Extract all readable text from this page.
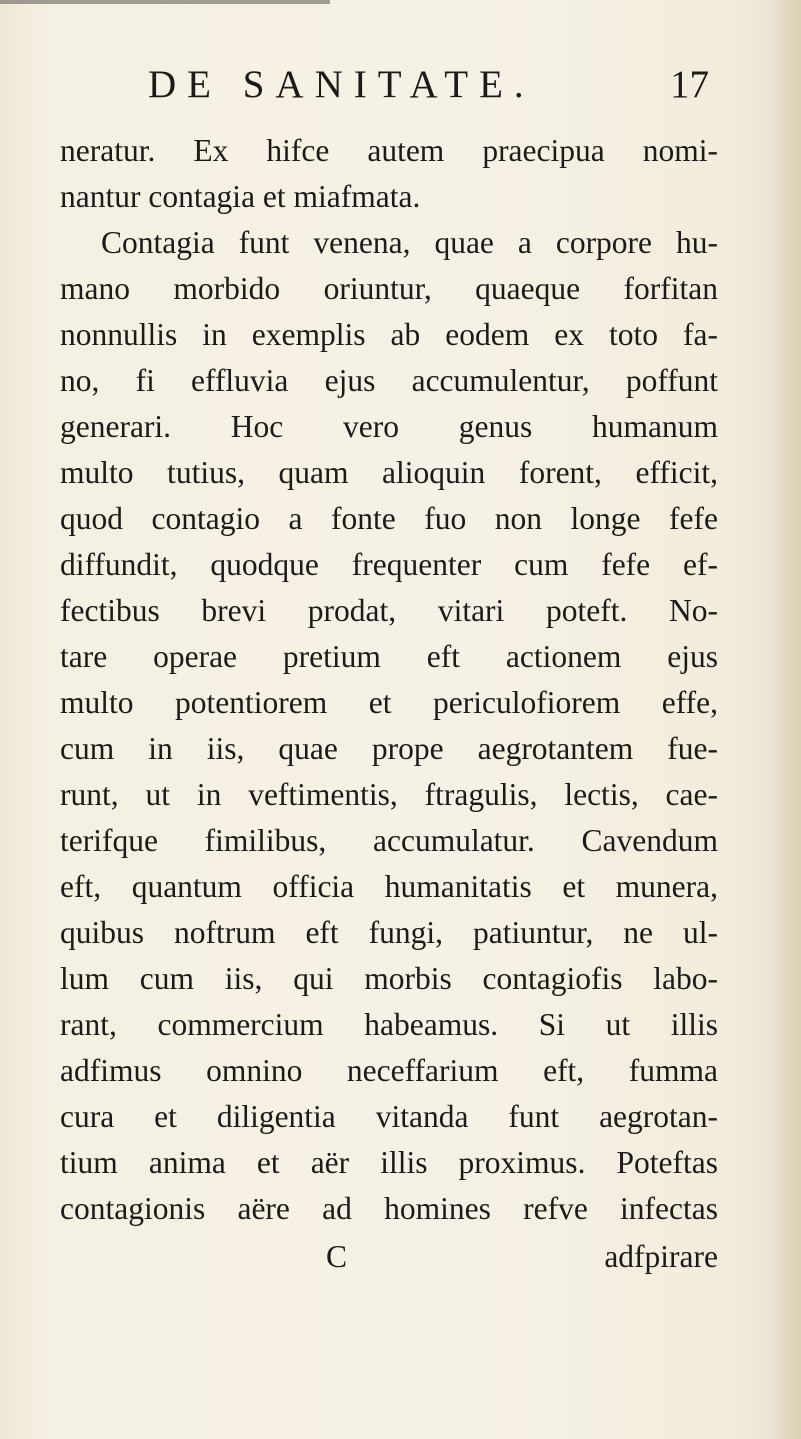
DE SANITATE.	17
neratur. Ex hifce autem praecipua nomi-
nantur contagia et miafmata.
Contagia funt venena, quae a corpore hu-
mano morbido oriuntur, quaeque forfitan
nonnullis in exemplis ab eodem ex toto fa-
no, fi effluvia ejus accumulentur, poffunt
generari. Hoc vero genus humanum
multo tutius, quam alioquin forent, efficit,
quod contagio a fonte fuo non longe fefe
diffundit, quodque frequenter cum fefe ef-
fectibus brevi prodat, vitari poteft. No-
tare operae pretium eft actionem ejus
multo potentiorem et periculofiorem effe,
cum in iis, quae prope aegrotantem fue-
runt, ut in veftimentis, ftragulis, lectis, cae-
terifque fimilibus, accumulatur. Cavendum
eft, quantum officia humanitatis et munera,
quibus noftrum eft fungi, patiuntur, ne ul-
lum cum iis, qui morbis contagiofis labo-
rant, commercium habeamus. Si ut illis
adfimus omnino neceffarium eft, fumma
cura et diligentia vitanda funt aegrotan-
tium anima et aër illis proximus. Poteftas
contagionis aëre ad homines refve infectas
C	adfpirare
